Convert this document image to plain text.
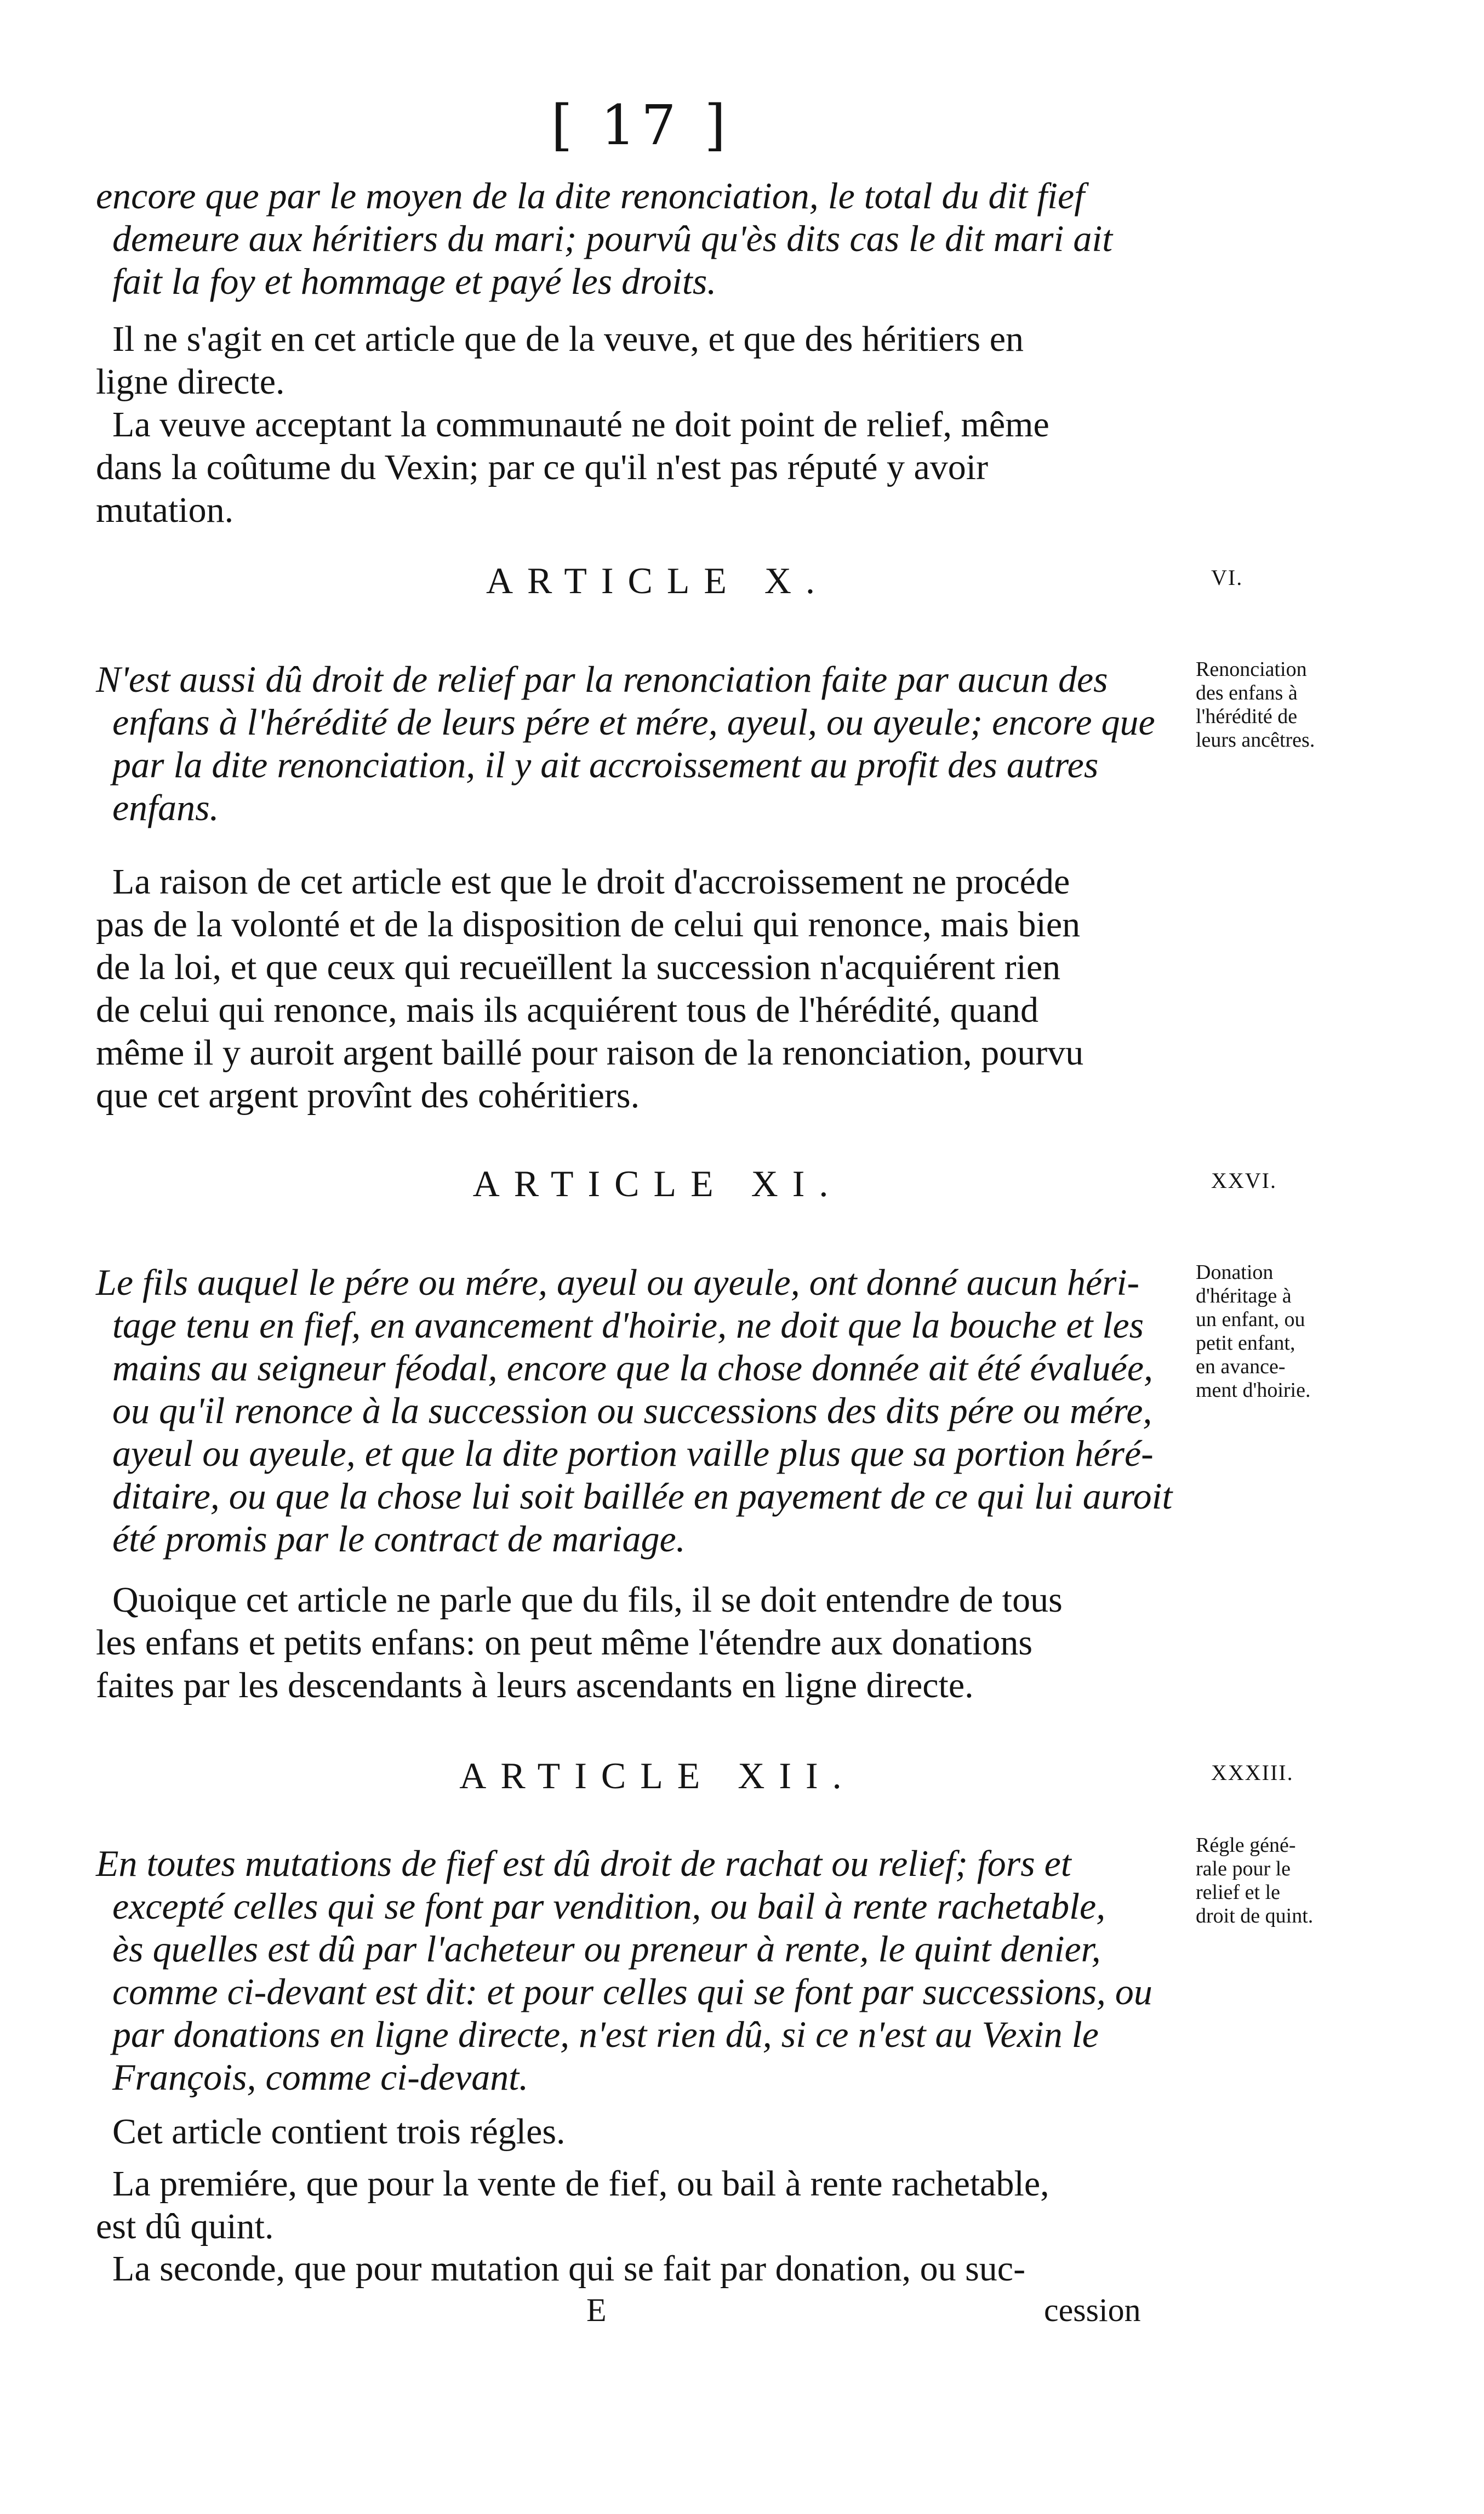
[ 17 ]
encore que par le moyen de la dite renonciation, le total du dit fief
demeure aux héritiers du mari; pourvû qu'ès dits cas le dit mari ait
fait la foy et hommage et payé les droits.
Il ne s'agit en cet article que de la veuve, et que des héritiers en
ligne directe.
La veuve acceptant la communauté ne doit point de relief, même
dans la coûtume du Vexin; par ce qu'il n'est pas réputé y avoir
mutation.
ARTICLE X.	VI.
Renonciation
des enfans à
l'hérédité de
leurs ancêtres.
N'est aussi dû droit de relief par la renonciation faite par aucun des
enfans à l'hérédité de leurs pére et mére, ayeul, ou ayeule; encore que
par la dite renonciation, il y ait accroissement au profit des autres
enfans.
La raison de cet article est que le droit d'accroissement ne procéde
pas de la volonté et de la disposition de celui qui renonce, mais bien
de la loi, et que ceux qui recueïllent la succession n'acquiérent rien
de celui qui renonce, mais ils acquiérent tous de l'hérédité, quand
même il y auroit argent baillé pour raison de la renonciation, pourvu
que cet argent provînt des cohéritiers.
ARTICLE XI.	XXVI.
Donation
d'héritage à
un enfant, ou
petit enfant,
en avance-
ment d'hoirie.
Le fils auquel le pére ou mére, ayeul ou ayeule, ont donné aucun héri-
tage tenu en fief, en avancement d'hoirie, ne doit que la bouche et les
mains au seigneur féodal, encore que la chose donnée ait été évaluée,
ou qu'il renonce à la succession ou successions des dits pére ou mére,
ayeul ou ayeule, et que la dite portion vaille plus que sa portion héré-
ditaire, ou que la chose lui soit baillée en payement de ce qui lui auroit
été promis par le contract de mariage.
Quoique cet article ne parle que du fils, il se doit entendre de tous
les enfans et petits enfans: on peut même l'étendre aux donations
faites par les descendants à leurs ascendants en ligne directe.
ARTICLE XII.	XXXIII.
Régle géné-
rale pour le
relief et le
droit de quint.
En toutes mutations de fief est dû droit de rachat ou relief; fors et
excepté celles qui se font par vendition, ou bail à rente rachetable,
ès quelles est dû par l'acheteur ou preneur à rente, le quint denier,
comme ci-devant est dit: et pour celles qui se font par successions, ou
par donations en ligne directe, n'est rien dû, si ce n'est au Vexin le
François, comme ci-devant.
Cet article contient trois régles.
La premiére, que pour la vente de fief, ou bail à rente rachetable,
est dû quint.
La seconde, que pour mutation qui se fait par donation, ou suc-
E	cession
